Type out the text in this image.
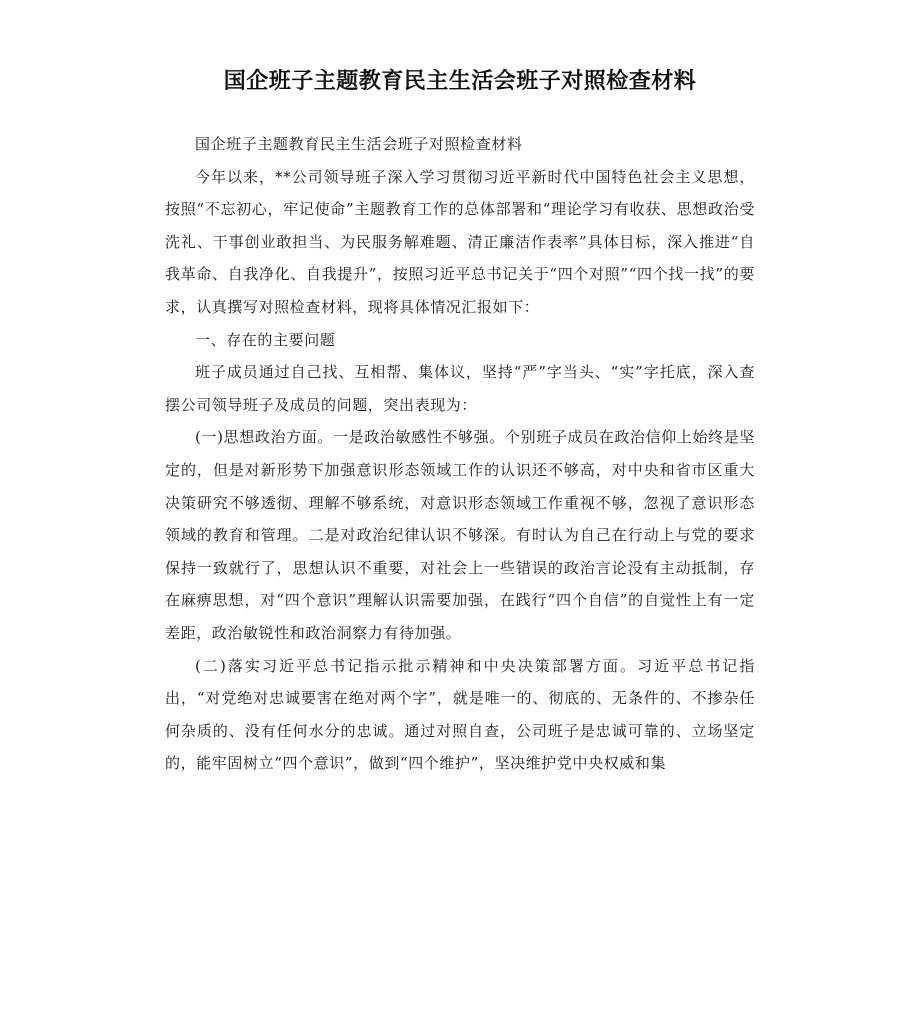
国企班子主题教育民主生活会班子对照检查材料

国企班子主题教育民主生活会班子对照检查材料

今年以来，**公司领导班子深入学习贯彻习近平新时代中国特色社会主义思想，按照“不忘初心，牢记使命”主题教育工作的总体部署和“理论学习有收获、思想政治受洗礼、干事创业敢担当、为民服务解难题、清正廉洁作表率”具体目标，深入推进“自我革命、自我净化、自我提升”，按照习近平总书记关于“四个对照”“四个找一找”的要求，认真撰写对照检查材料，现将具体情况汇报如下：

一、存在的主要问题

班子成员通过自己找、互相帮、集体议，坚持“严”字当头、“实”字托底，深入查摆公司领导班子及成员的问题，突出表现为：

(一)思想政治方面。一是政治敏感性不够强。个别班子成员在政治信仰上始终是坚定的，但是对新形势下加强意识形态领域工作的认识还不够高，对中央和省市区重大决策研究不够透彻、理解不够系统，对意识形态领域工作重视不够，忽视了意识形态领域的教育和管理。二是对政治纪律认识不够深。有时认为自己在行动上与党的要求保持一致就行了，思想认识不重要，对社会上一些错误的政治言论没有主动抵制，存在麻痹思想，对“四个意识”理解认识需要加强，在践行“四个自信”的自觉性上有一定差距，政治敏锐性和政治洞察力有待加强。

(二)落实习近平总书记指示批示精神和中央决策部署方面。习近平总书记指出，“对党绝对忠诚要害在绝对两个字”，就是唯一的、彻底的、无条件的、不掺杂任何杂质的、没有任何水分的忠诚。通过对照自查，公司班子是忠诚可靠的、立场坚定的，能牢固树立“四个意识”，做到“四个维护”，坚决维护党中央权威和集
